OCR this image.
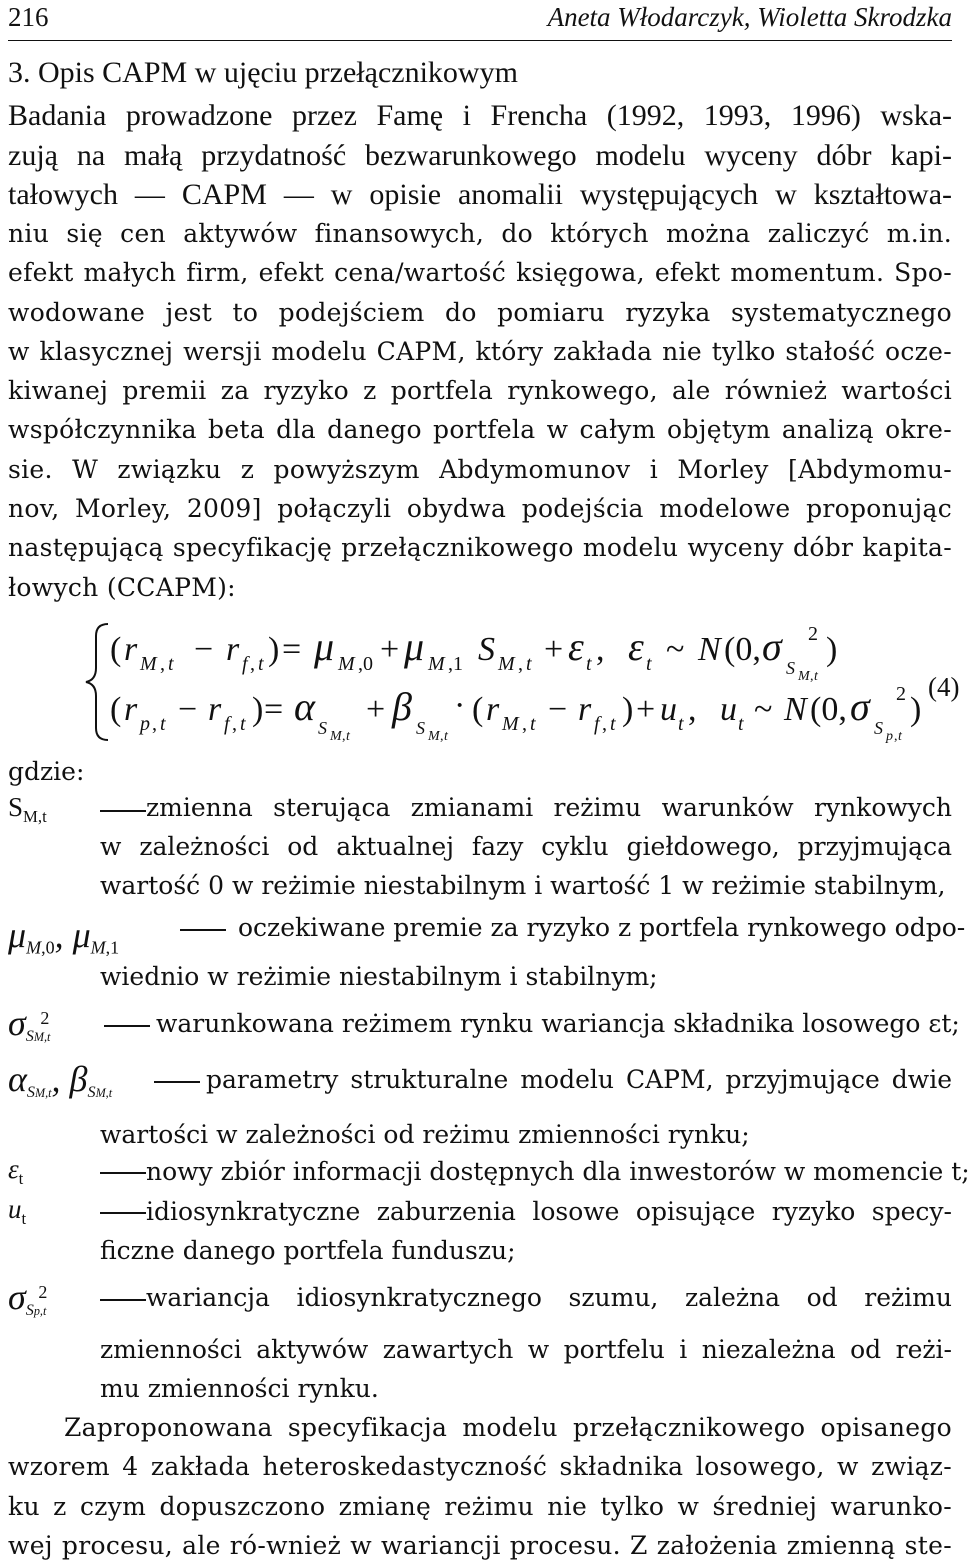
216	Aneta Włodarczyk, Wioletta Skrodzka
3. Opis CAPM w ujęciu przełącznikowym
Badania prowadzone przez Famę i Frencha (1992, 1993, 1996) wska-
zują na małą przydatność bezwarunkowego modelu wyceny dóbr kapi-
tałowych — CAPM — w opisie anomalii występujących w kształtowa-
niu się cen aktywów finansowych, do których można zaliczyć m.in.
efekt małych firm, efekt cena/wartość księgowa, efekt momentum. Spo-
wodowane jest to podejściem do pomiaru ryzyka systematycznego
w klasycznej wersji modelu CAPM, który zakłada nie tylko stałość ocze-
kiwanej premii za ryzyko z portfela rynkowego, ale również wartości
współczynnika beta dla danego portfela w całym objętym analizą okre-
sie. W związku z powyższym Abdymomunov i Morley [Abdymomu-
nov, Morley, 2009] połączyli obydwa podejścia modelowe proponując
następującą specyfikację przełącznikowego modelu wyceny dóbr kapita-
łowych (CCAPM):
( r M , t − r f , t ) = μ M ,0 + μ M ,1 S M , t + ε t , ε t ~ N (0, σ S M , t
2 )
(4)
( r p , t − r f , t ) = α S M , t
+ β S M , t
· ( r M , t − r f , t ) + u t , u t ~ N (0, σ S p , t
2 )
gdzie:
$S_{M,t}$	zmienna sterująca zmianami reżimu warunków rynkowych
w zależności od aktualnej fazy cyklu giełdowego, przyjmująca
wartość 0 w reżimie niestabilnym i wartość 1 w reżimie stabilnym,
$\mu_{M,0}$, $\mu_{M,1}$
oczekiwane premie za ryzyko z portfela rynkowego odpo-
wiednio w reżimie niestabilnym i stabilnym;
$\sigma_{SM,t}^2$	warunkowana reżimem rynku wariancja składnika losowego εt;
$\alpha_{SM,t}$, $\beta_{SM,t}$	parametry strukturalne modelu CAPM, przyjmujące dwie
wartości w zależności od reżimu zmienności rynku;
$\varepsilon_t$	nowy zbiór informacji dostępnych dla inwestorów w momencie t;
$u_t$	idiosynkratyczne zaburzenia losowe opisujące ryzyko specy-
ficzne danego portfela funduszu;
$\sigma_{Sp,t}^2$	wariancja idiosynkratycznego szumu, zależna od reżimu
zmienności aktywów zawartych w portfelu i niezależna od reżi-
mu zmienności rynku.
Zaproponowana specyfikacja modelu przełącznikowego opisanego
wzorem 4 zakłada heteroskedastyczność składnika losowego, w związ-
ku z czym dopuszczono zmianę reżimu nie tylko w średniej warunko-
wej procesu, ale ró-wnież w wariancji procesu. Z założenia zmienną ste-
